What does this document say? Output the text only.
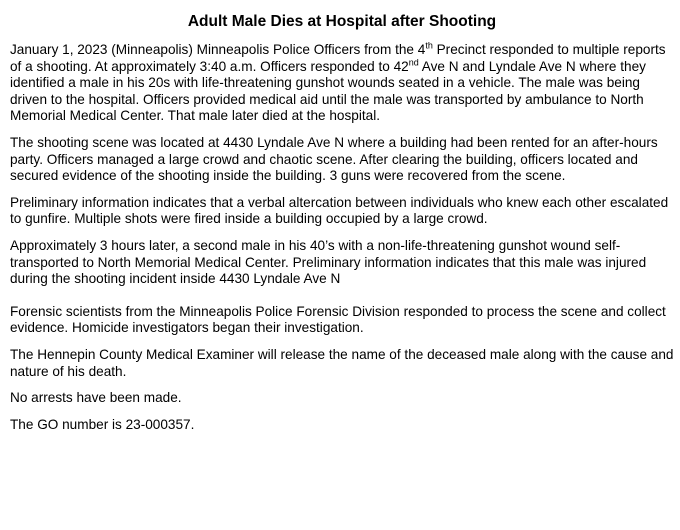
Adult Male Dies at Hospital after Shooting

January 1, 2023 (Minneapolis) Minneapolis Police Officers from the 4th Precinct responded to multiple reports of a shooting. At approximately 3:40 a.m. Officers responded to 42nd Ave N and Lyndale Ave N where they identified a male in his 20s with life-threatening gunshot wounds seated in a vehicle. The male was being driven to the hospital. Officers provided medical aid until the male was transported by ambulance to North Memorial Medical Center. That male later died at the hospital.

The shooting scene was located at 4430 Lyndale Ave N where a building had been rented for an after-hours party. Officers managed a large crowd and chaotic scene. After clearing the building, officers located and secured evidence of the shooting inside the building. 3 guns were recovered from the scene.

Preliminary information indicates that a verbal altercation between individuals who knew each other escalated to gunfire. Multiple shots were fired inside a building occupied by a large crowd.

Approximately 3 hours later, a second male in his 40’s with a non-life-threatening gunshot wound self-transported to North Memorial Medical Center. Preliminary information indicates that this male was injured during the shooting incident inside 4430 Lyndale Ave N

Forensic scientists from the Minneapolis Police Forensic Division responded to process the scene and collect evidence. Homicide investigators began their investigation.

The Hennepin County Medical Examiner will release the name of the deceased male along with the cause and nature of his death.

No arrests have been made.

The GO number is 23-000357.
